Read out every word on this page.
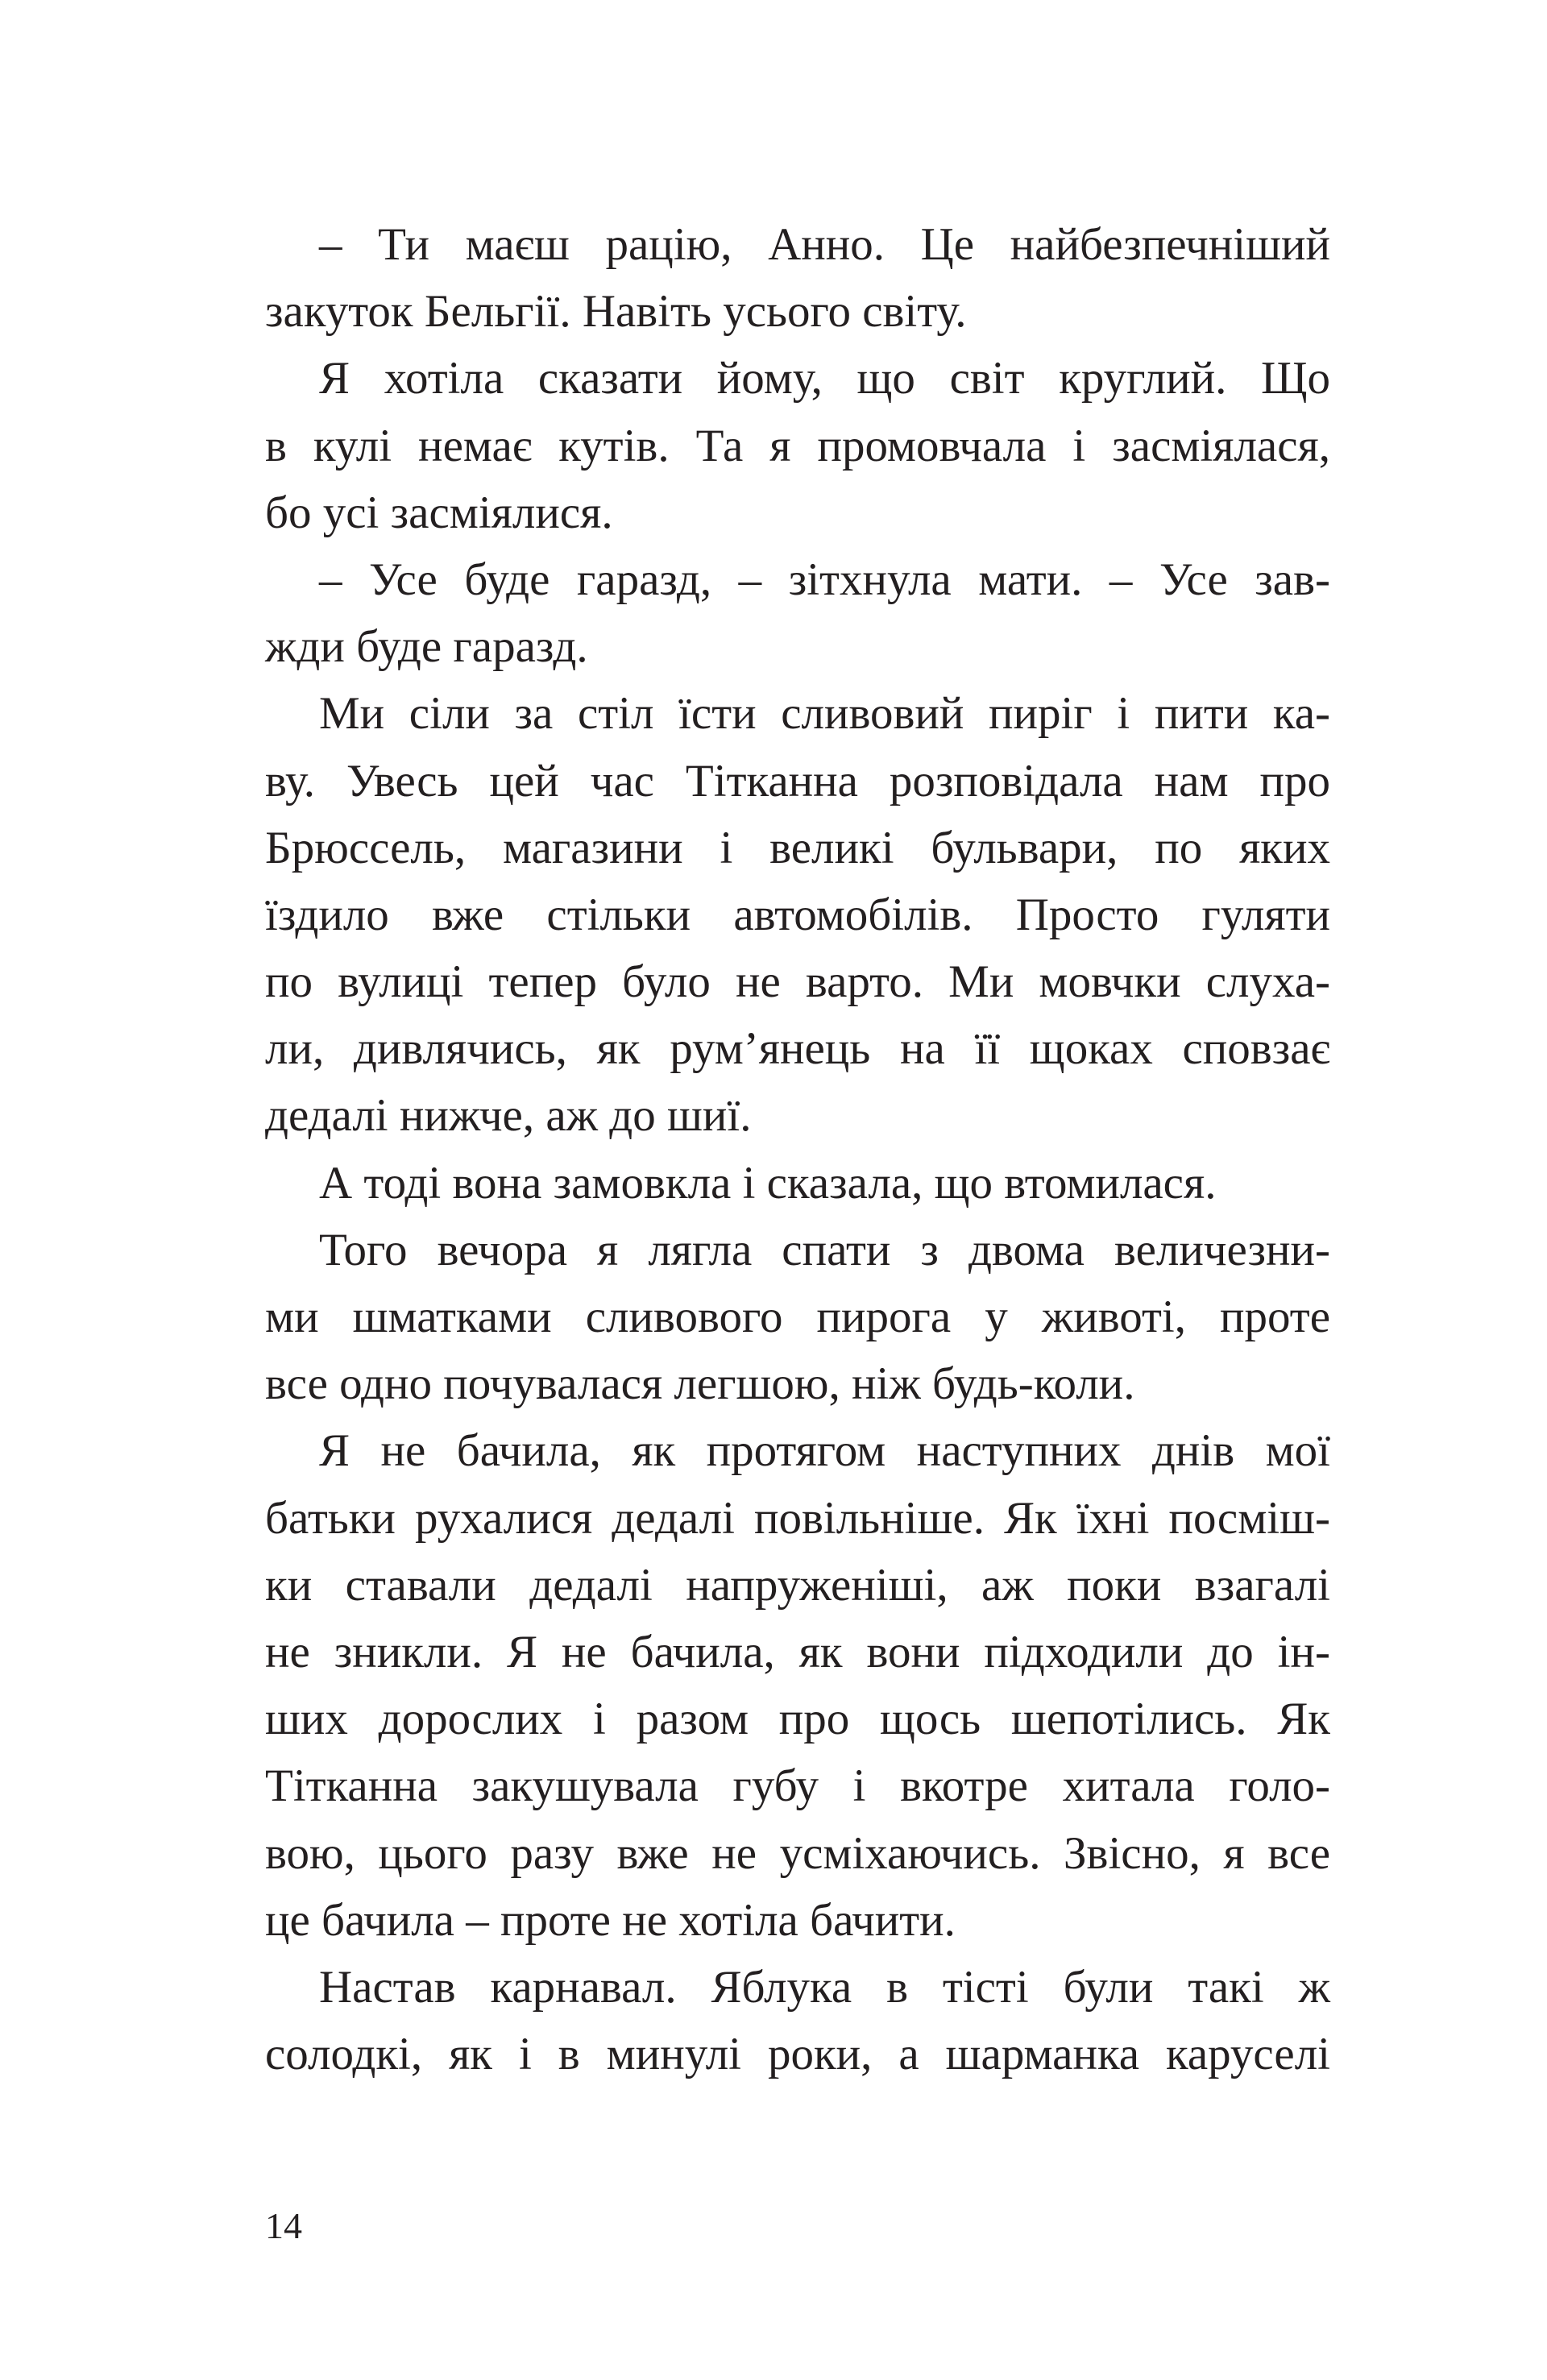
– Ти маєш рацію, Анно. Це найбезпечніший
закуток Бельгії. Навіть усього світу.
Я хотіла сказати йому, що світ круглий. Що
в кулі немає кутів. Та я промовчала і засміялася,
бо усі засміялися.
– Усе буде гаразд, – зітхнула мати. – Усе зав-
жди буде гаразд.
Ми сіли за стіл їсти сливовий пиріг і пити ка-
ву. Увесь цей час Тітканна розповідала нам про
Брюссель, магазини і великі бульвари, по яких
їздило вже стільки автомобілів. Просто гуляти
по вулиці тепер було не варто. Ми мовчки слуха-
ли, дивлячись, як рум’янець на її щоках сповзає
дедалі нижче, аж до шиї.
А тоді вона замовкла і сказала, що втомилася.
Того вечора я лягла спати з двома величезни-
ми шматками сливового пирога у животі, проте
все одно почувалася легшою, ніж будь-коли.
Я не бачила, як протягом наступних днів мої
батьки рухалися дедалі повільніше. Як їхні посміш-
ки ставали дедалі напруженіші, аж поки взагалі
не зникли. Я не бачила, як вони підходили до ін-
ших дорослих і разом про щось шепотілись. Як
Тітканна закушувала губу і вкотре хитала голо-
вою, цього разу вже не усміхаючись. Звісно, я все
це бачила – проте не хотіла бачити.
Настав карнавал. Яблука в тісті були такі ж
солодкі, як і в минулі роки, а шарманка каруселі
14
